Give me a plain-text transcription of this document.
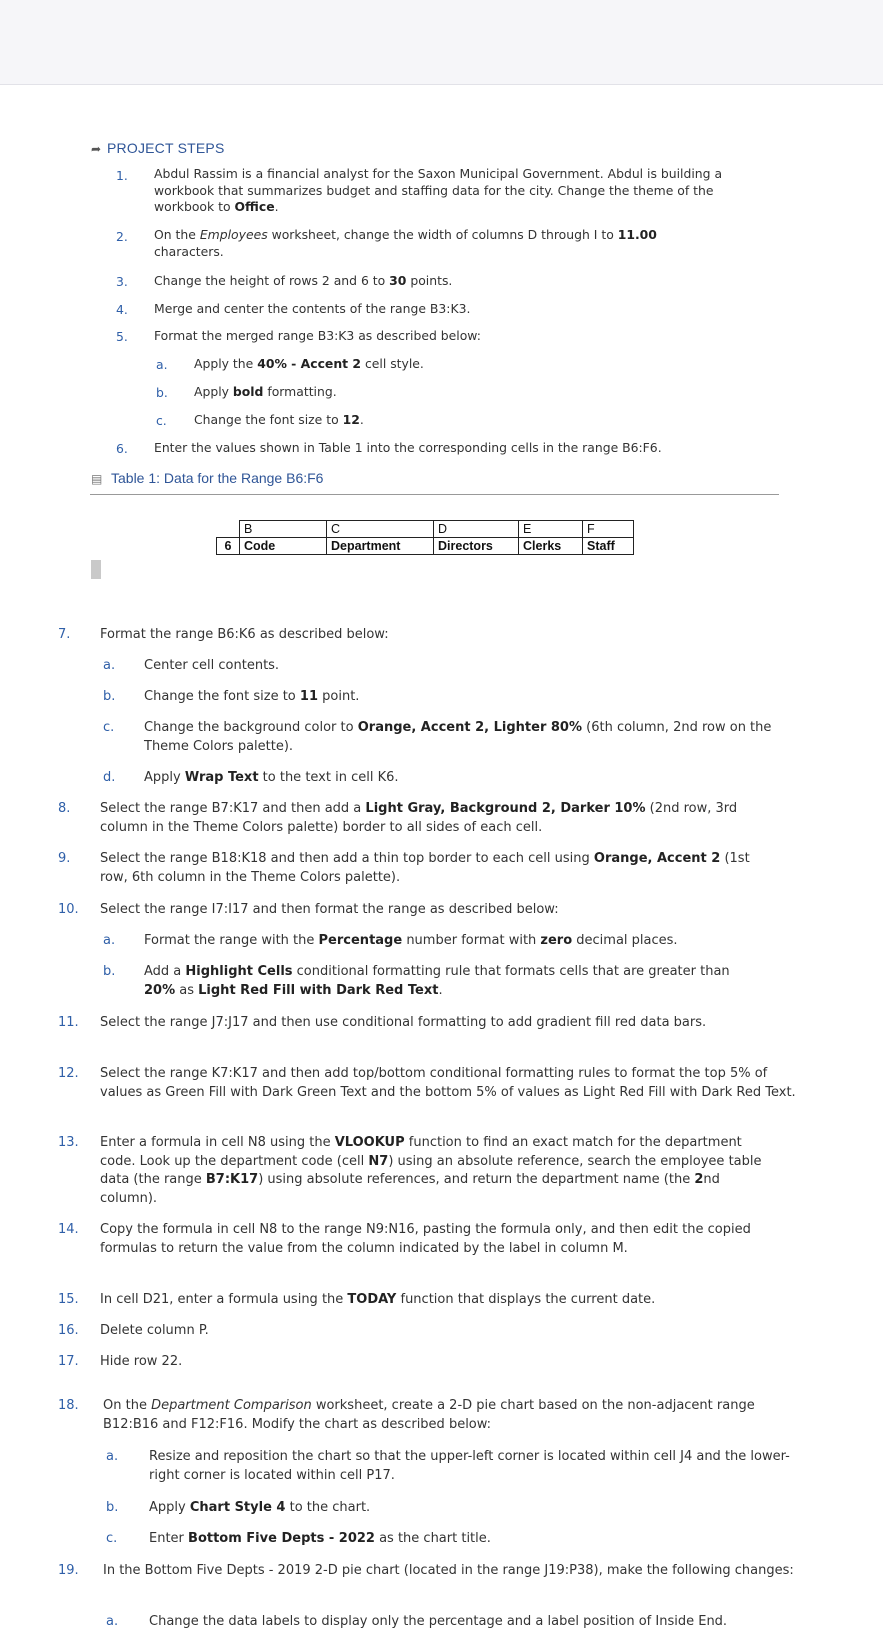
➦ PROJECT STEPS
1. Abdul Rassim is a financial analyst for the Saxon Municipal Government. Abdul is building a workbook that summarizes budget and staffing data for the city. Change the theme of the workbook to Office.
2. On the Employees worksheet, change the width of columns D through I to 11.00 characters.
3. Change the height of rows 2 and 6 to 30 points.
4. Merge and center the contents of the range B3:K3.
5. Format the merged range B3:K3 as described below:
a. Apply the 40% - Accent 2 cell style.
b. Apply bold formatting.
c. Change the font size to 12.
6. Enter the values shown in Table 1 into the corresponding cells in the range B6:F6.
▤ Table 1: Data for the Range B6:F6
	B	C	D	E	F
6	Code	Department	Directors	Clerks	Staff
7. Format the range B6:K6 as described below:
a. Center cell contents.
b. Change the font size to 11 point.
c. Change the background color to Orange, Accent 2, Lighter 80% (6th column, 2nd row on the Theme Colors palette).
d. Apply Wrap Text to the text in cell K6.
8. Select the range B7:K17 and then add a Light Gray, Background 2, Darker 10% (2nd row, 3rd column in the Theme Colors palette) border to all sides of each cell.
9. Select the range B18:K18 and then add a thin top border to each cell using Orange, Accent 2 (1st row, 6th column in the Theme Colors palette).
10. Select the range I7:I17 and then format the range as described below:
a. Format the range with the Percentage number format with zero decimal places.
b. Add a Highlight Cells conditional formatting rule that formats cells that are greater than 20% as Light Red Fill with Dark Red Text.
11. Select the range J7:J17 and then use conditional formatting to add gradient fill red data bars.
12. Select the range K7:K17 and then add top/bottom conditional formatting rules to format the top 5% of values as Green Fill with Dark Green Text and the bottom 5% of values as Light Red Fill with Dark Red Text.
13. Enter a formula in cell N8 using the VLOOKUP function to find an exact match for the department code. Look up the department code (cell N7) using an absolute reference, search the employee table data (the range B7:K17) using absolute references, and return the department name (the 2nd column).
14. Copy the formula in cell N8 to the range N9:N16, pasting the formula only, and then edit the copied formulas to return the value from the column indicated by the label in column M.
15. In cell D21, enter a formula using the TODAY function that displays the current date.
16. Delete column P.
17. Hide row 22.
18. On the Department Comparison worksheet, create a 2-D pie chart based on the non-adjacent range B12:B16 and F12:F16. Modify the chart as described below:
a. Resize and reposition the chart so that the upper-left corner is located within cell J4 and the lower-right corner is located within cell P17.
b. Apply Chart Style 4 to the chart.
c. Enter Bottom Five Depts - 2022 as the chart title.
19. In the Bottom Five Depts - 2019 2-D pie chart (located in the range J19:P38), make the following changes:
a. Change the data labels to display only the percentage and a label position of Inside End.
